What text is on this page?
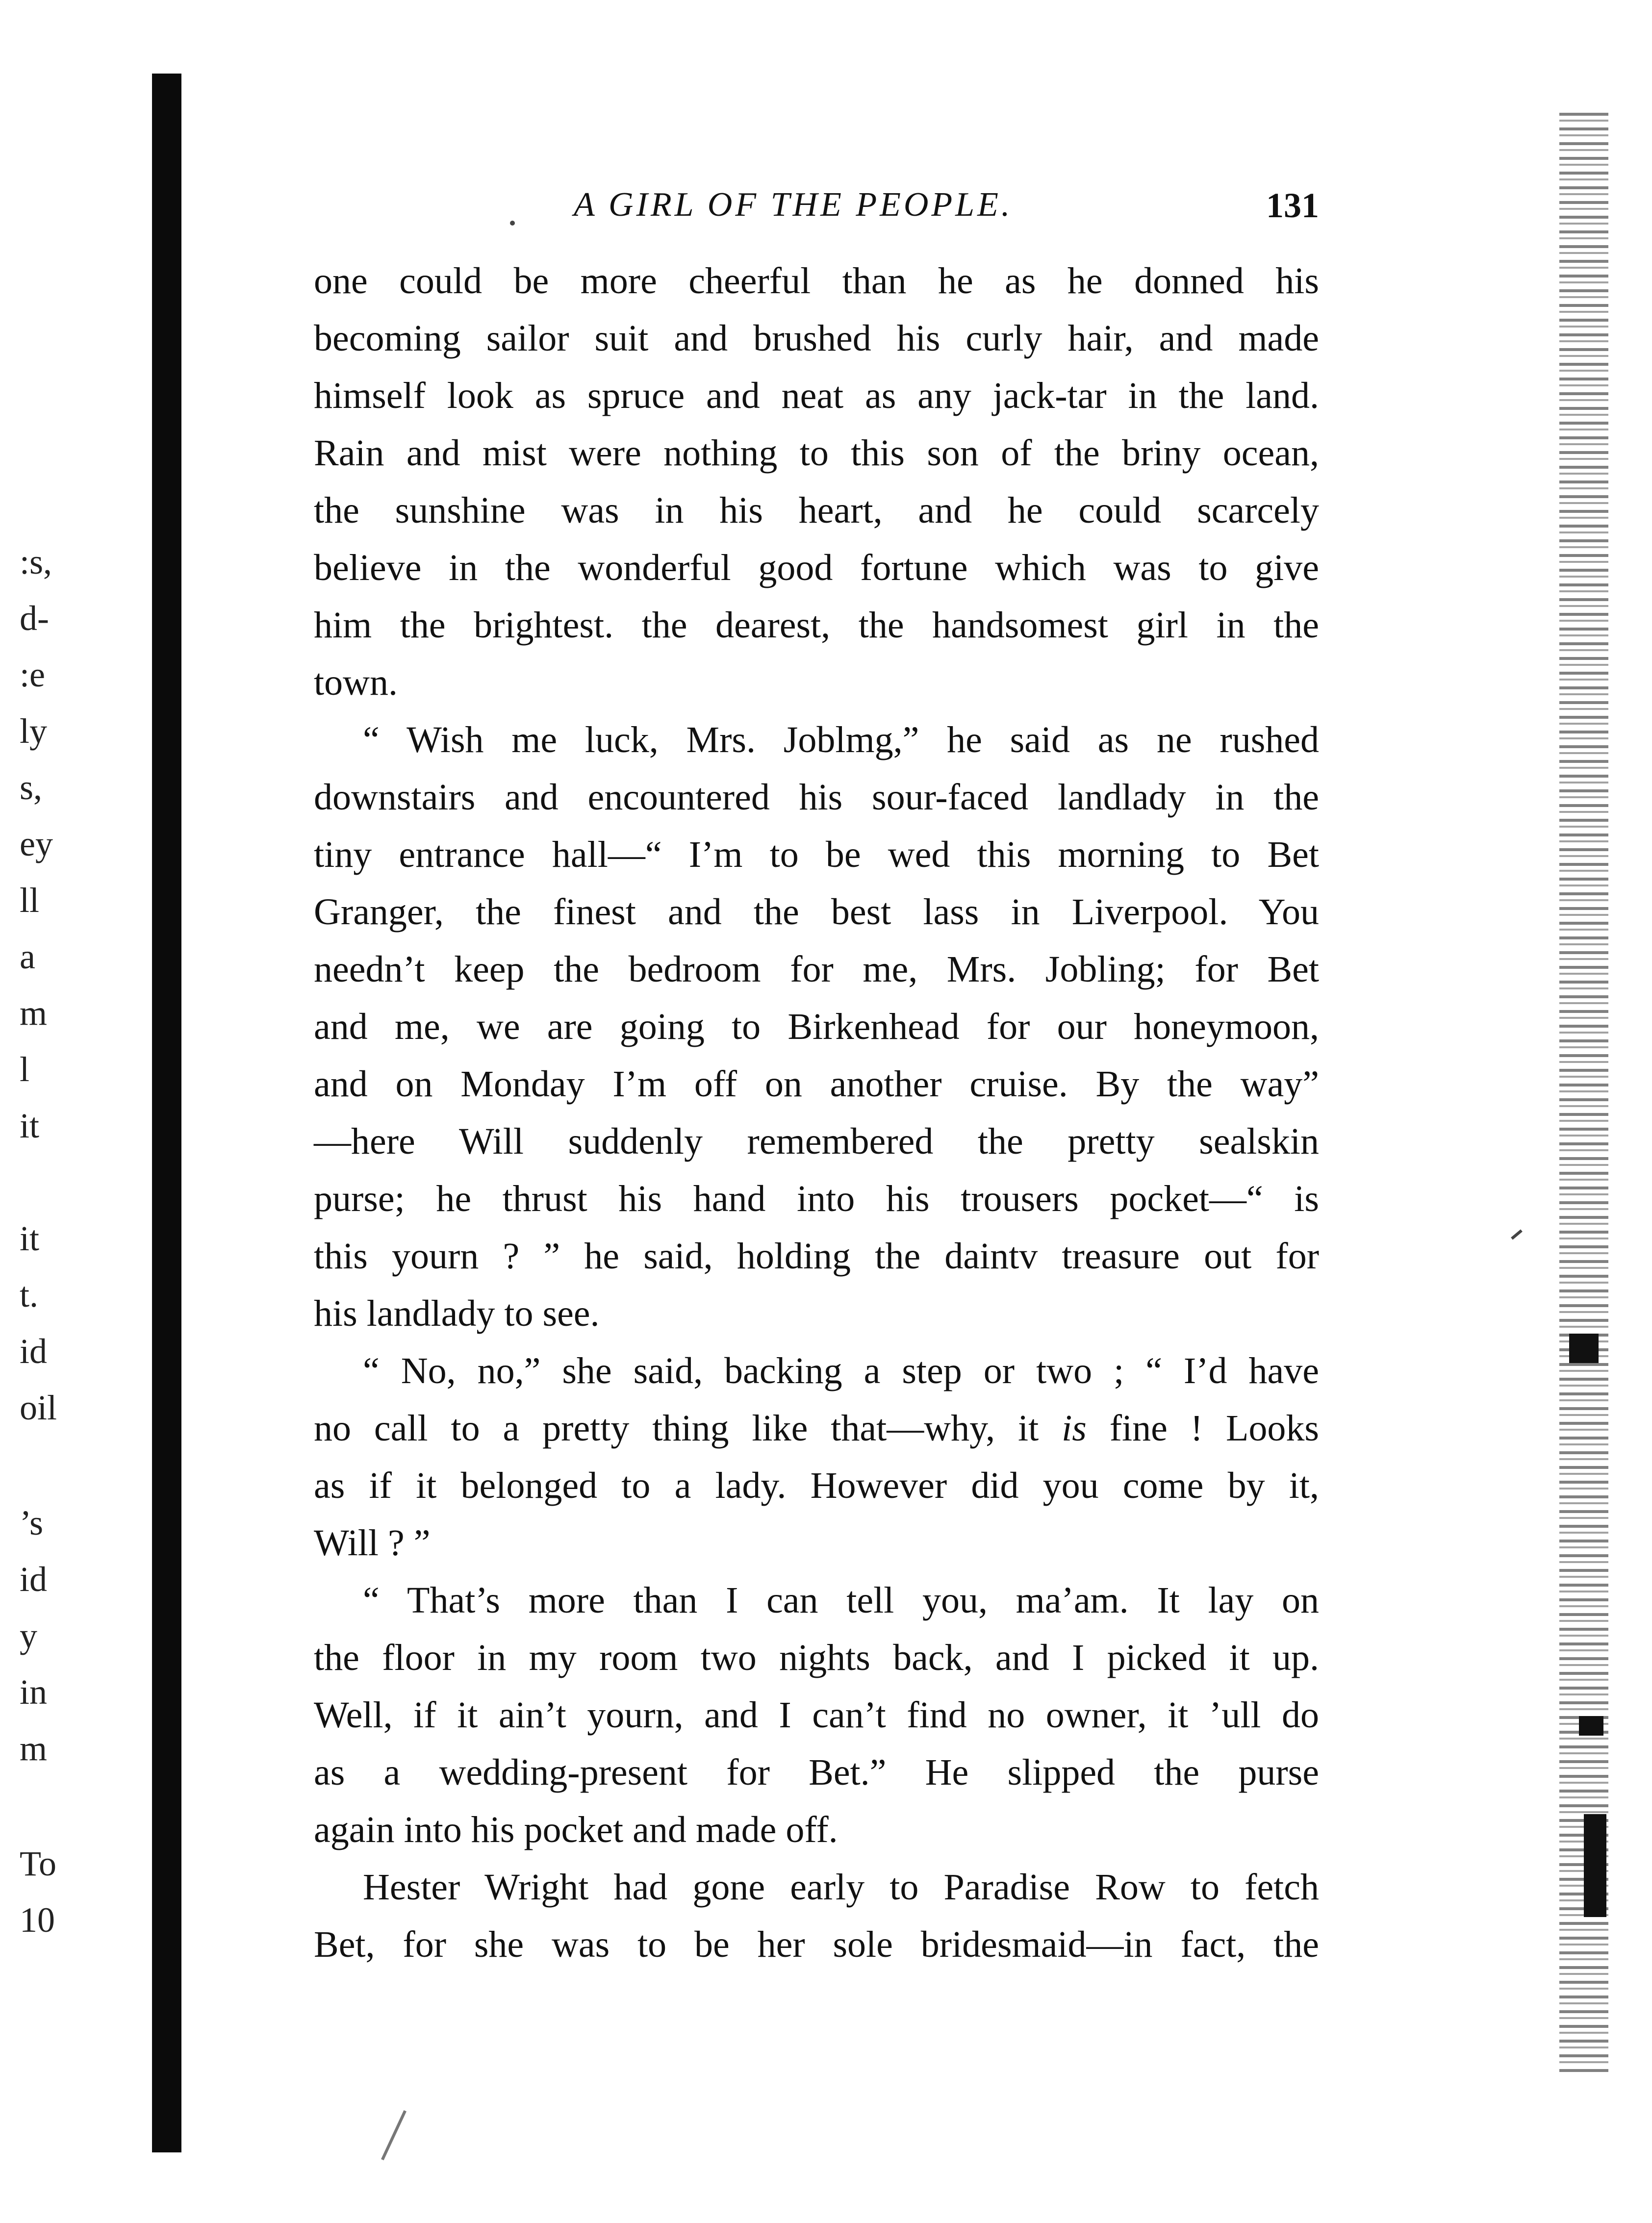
:s,
d-
:e
ly
s,
ey
ll
a
m
l
it
it
t.
id
oil
’s
id
y
in
m
To
10
A GIRL OF THE PEOPLE.	131
one could be more cheerful than he as he donned his
becoming sailor suit and brushed his curly hair, and made
himself look as spruce and neat as any jack-tar in the land.
Rain and mist were nothing to this son of the briny ocean,
the sunshine was in his heart, and he could scarcely
believe in the wonderful good fortune which was to give
him the brightest. the dearest, the handsomest girl in the
town.
“ Wish me luck, Mrs. Joblmg,” he said as ne rushed
downstairs and encountered his sour-faced landlady in the
tiny entrance hall—“ I’m to be wed this morning to Bet
Granger, the finest and the best lass in Liverpool. You
needn’t keep the bedroom for me, Mrs. Jobling; for Bet
and me, we are going to Birkenhead for our honeymoon,
and on Monday I’m off on another cruise. By the way”
—here Will suddenly remembered the pretty sealskin
purse; he thrust his hand into his trousers pocket—“ is
this yourn ? ” he said, holding the daintv treasure out for
his landlady to see.
“ No, no,” she said, backing a step or two ; “ I’d have
no call to a pretty thing like that—why, it is fine ! Looks
as if it belonged to a lady. However did you come by it,
Will ? ”
“ That’s more than I can tell you, ma’am. It lay on
the floor in my room two nights back, and I picked it up.
Well, if it ain’t yourn, and I can’t find no owner, it ’ull do
as a wedding-present for Bet.” He slipped the purse
again into his pocket and made off.
Hester Wright had gone early to Paradise Row to fetch
Bet, for she was to be her sole bridesmaid—in fact, the
